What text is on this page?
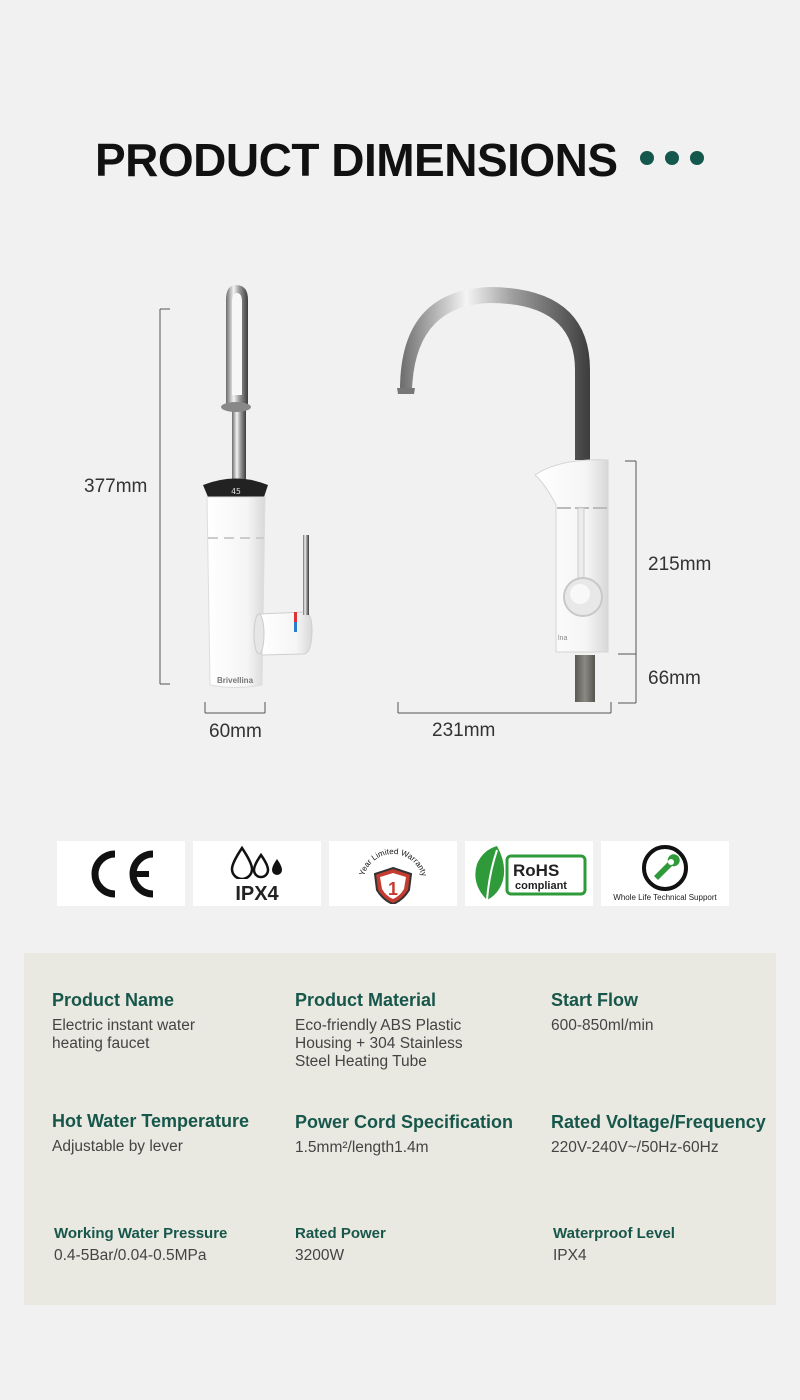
PRODUCT DIMENSIONS
45
Brivellina
lna
377mm
60mm	231mm
215mm
66mm
IPX4
Year Limited Warranty
1
RoHS
compliant
Whole Life Technical Support
Product Name
Electric instant water
heating faucet
Product Material
Eco-friendly ABS Plastic
Housing + 304 Stainless
Steel Heating Tube
Start Flow
600-850ml/min
Hot Water Temperature
Adjustable by lever
Power Cord Specification
1.5mm²/length1.4m
Rated Voltage/Frequency
220V-240V~/50Hz-60Hz
Working Water Pressure
0.4-5Bar/0.04-0.5MPa
Rated Power
3200W
Waterproof Level
IPX4
